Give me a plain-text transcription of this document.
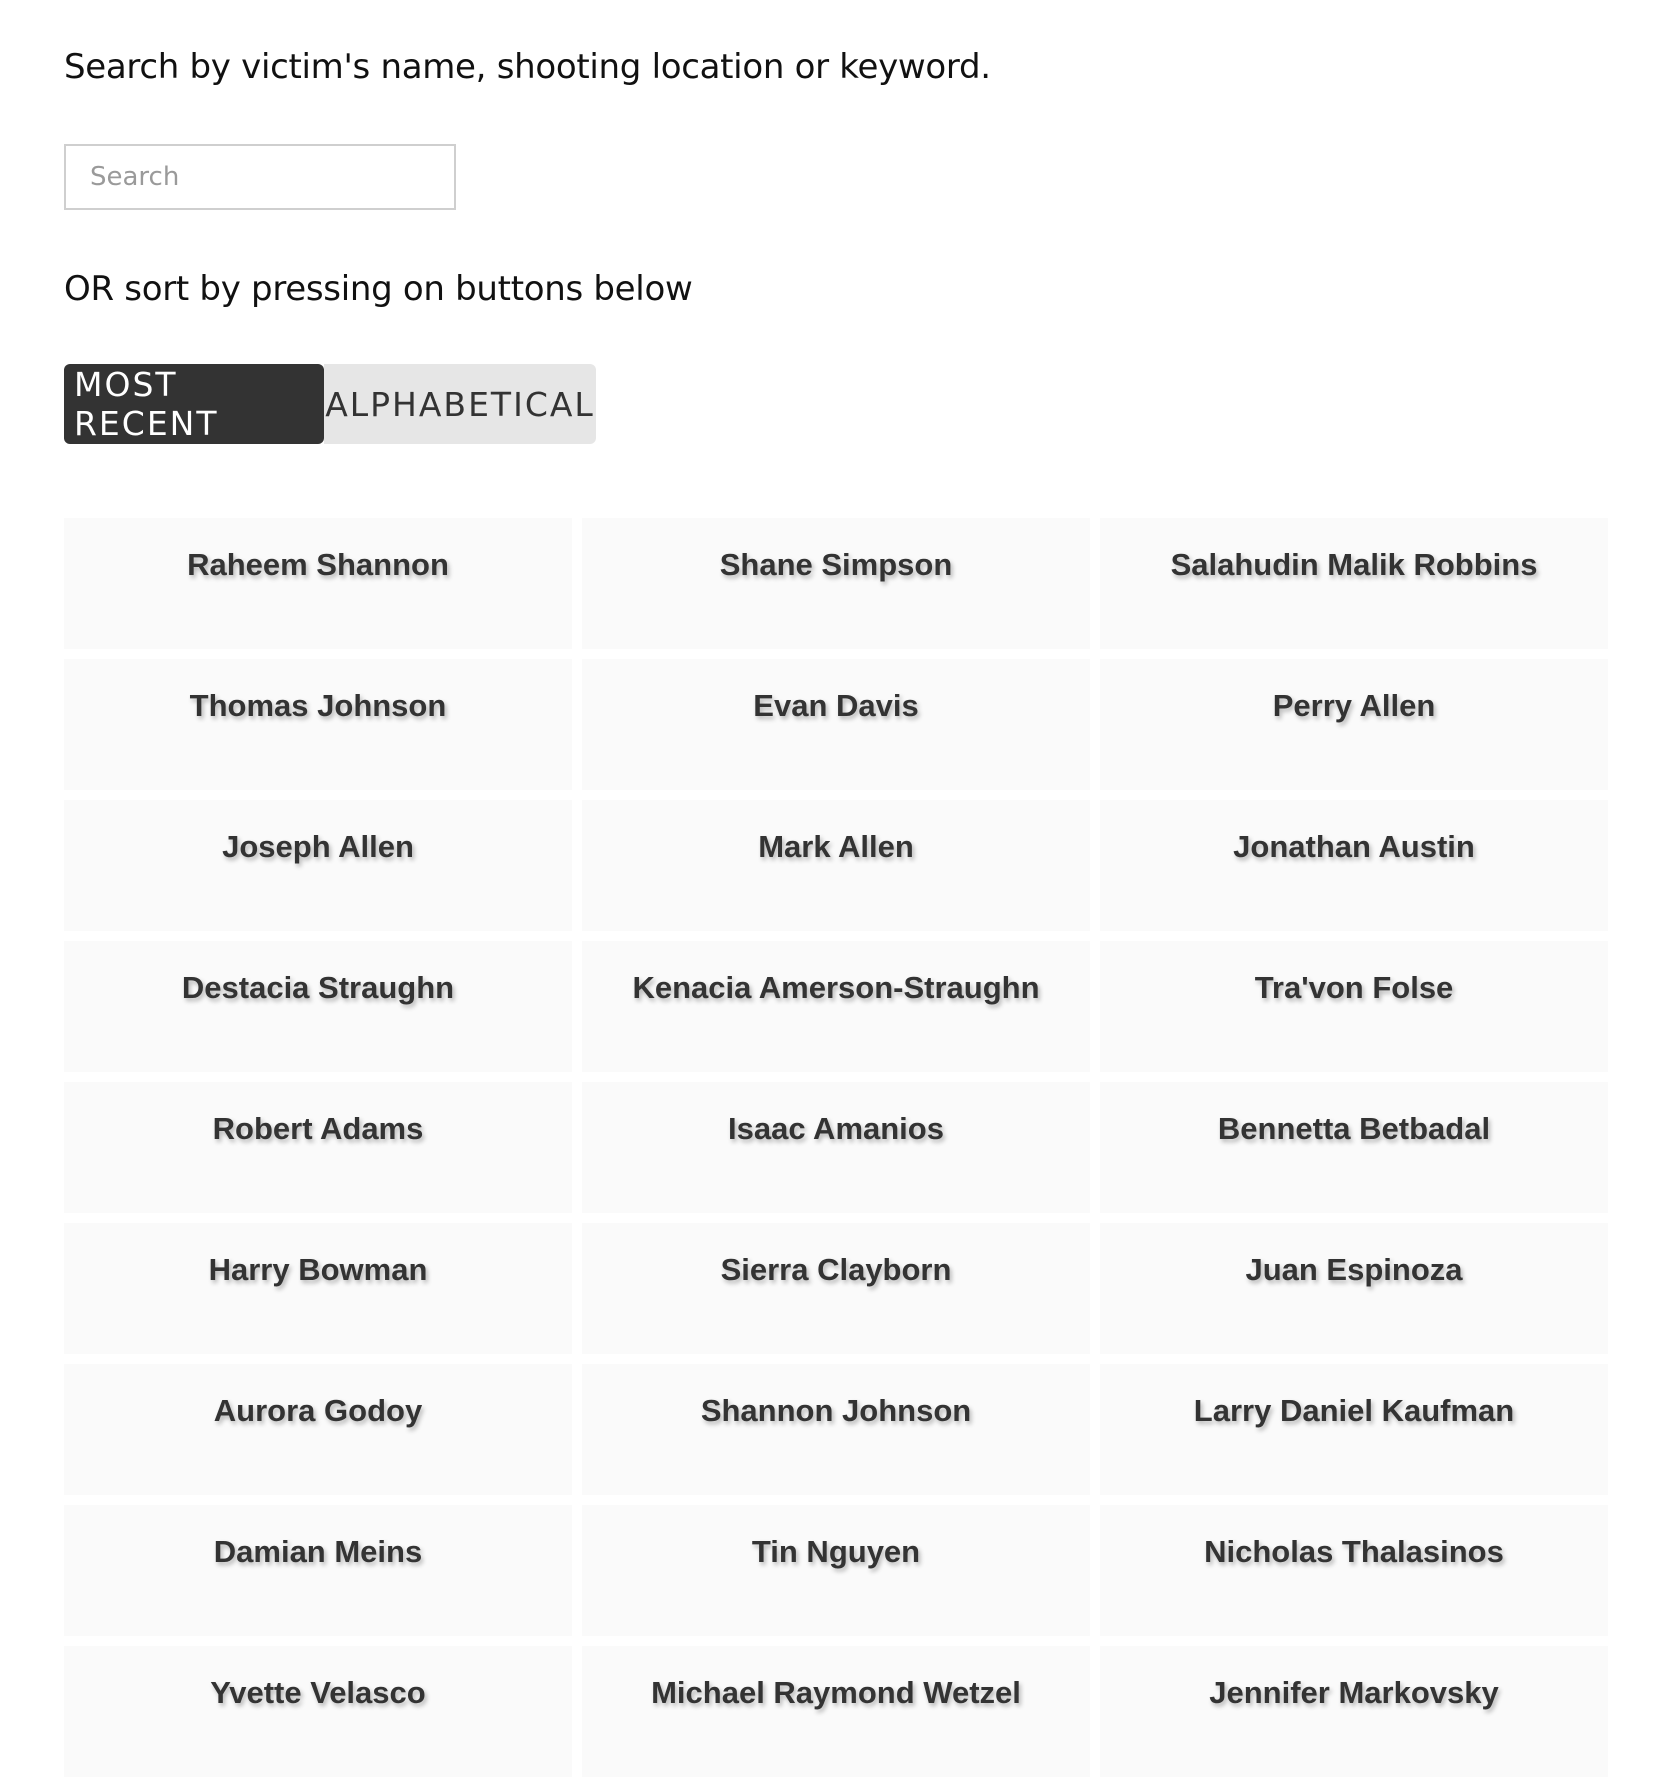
Search by victim's name, shooting location or keyword.

Search

OR sort by pressing on buttons below

MOST RECENT	ALPHABETICAL
Raheem Shannon	Shane Simpson	Salahudin Malik Robbins
Thomas Johnson	Evan Davis	Perry Allen
Joseph Allen	Mark Allen	Jonathan Austin
Destacia Straughn	Kenacia Amerson-Straughn	Tra'von Folse
Robert Adams	Isaac Amanios	Bennetta Betbadal
Harry Bowman	Sierra Clayborn	Juan Espinoza
Aurora Godoy	Shannon Johnson	Larry Daniel Kaufman
Damian Meins	Tin Nguyen	Nicholas Thalasinos
Yvette Velasco	Michael Raymond Wetzel	Jennifer Markovsky
